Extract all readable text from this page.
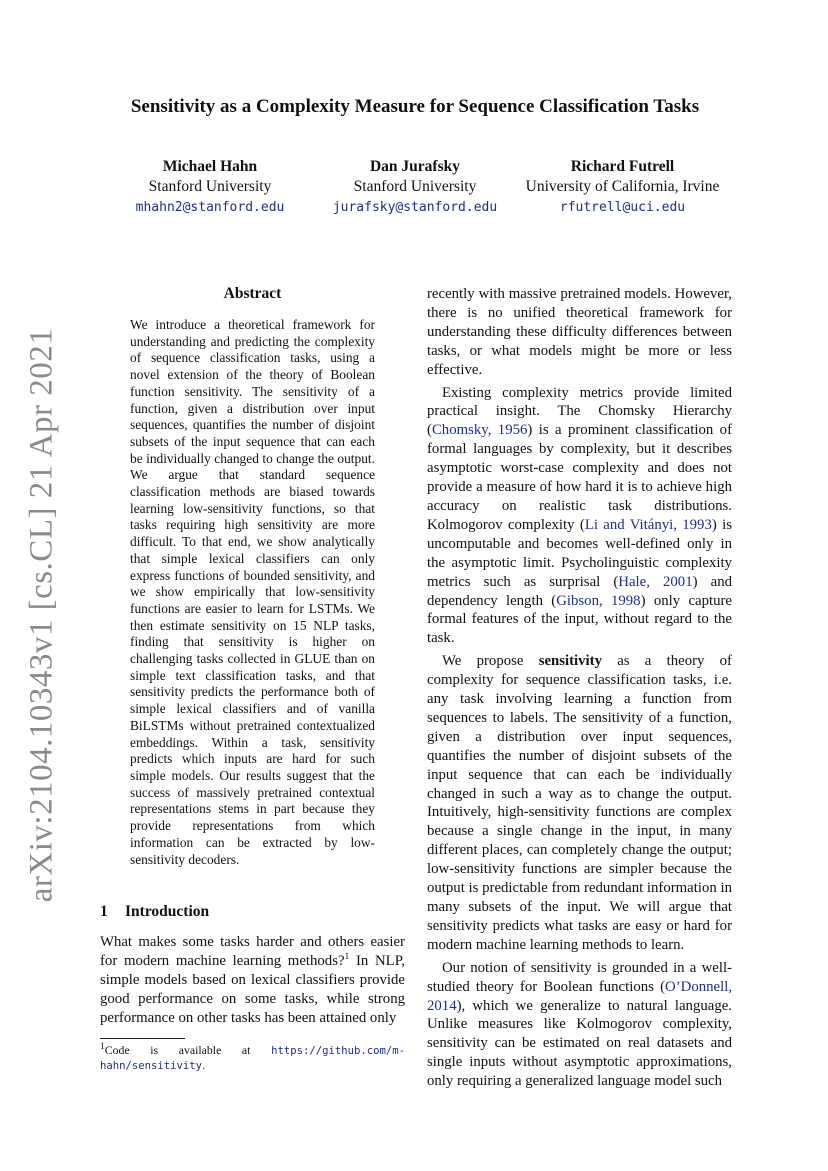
arXiv:2104.10343v1 [cs.CL] 21 Apr 2021
Sensitivity as a Complexity Measure for Sequence Classification Tasks
Michael Hahn
Stanford University
mhahn2@stanford.edu
Dan Jurafsky
Stanford University
jurafsky@stanford.edu
Richard Futrell
University of California, Irvine
rfutrell@uci.edu
Abstract

We introduce a theoretical framework for understanding and predicting the complexity of sequence classification tasks, using a novel extension of the theory of Boolean function sensitivity. The sensitivity of a function, given a distribution over input sequences, quantifies the number of disjoint subsets of the input sequence that can each be individually changed to change the output. We argue that standard sequence classification methods are biased towards learning low-sensitivity functions, so that tasks requiring high sensitivity are more difficult. To that end, we show analytically that simple lexical classifiers can only express functions of bounded sensitivity, and we show empirically that low-sensitivity functions are easier to learn for LSTMs. We then estimate sensitivity on 15 NLP tasks, finding that sensitivity is higher on challenging tasks collected in GLUE than on simple text classification tasks, and that sensitivity predicts the performance both of simple lexical classifiers and of vanilla BiLSTMs without pretrained contextualized embeddings. Within a task, sensitivity predicts which inputs are hard for such simple models. Our results suggest that the success of massively pretrained contextual representations stems in part because they provide representations from which information can be extracted by low-sensitivity decoders.

1 Introduction

What makes some tasks harder and others easier for modern machine learning methods?$^1$ In NLP, simple models based on lexical classifiers provide good performance on some tasks, while strong performance on other tasks has been attained only

$^1$Code is available at https://github.com/m-hahn/sensitivity.

recently with massive pretrained models. However, there is no unified theoretical framework for understanding these difficulty differences between tasks, or what models might be more or less effective.

Existing complexity metrics provide limited practical insight. The Chomsky Hierarchy (Chomsky, 1956) is a prominent classification of formal languages by complexity, but it describes asymptotic worst-case complexity and does not provide a measure of how hard it is to achieve high accuracy on realistic task distributions. Kolmogorov complexity (Li and Vitányi, 1993) is uncomputable and becomes well-defined only in the asymptotic limit. Psycholinguistic complexity metrics such as surprisal (Hale, 2001) and dependency length (Gibson, 1998) only capture formal features of the input, without regard to the task.

We propose sensitivity as a theory of complexity for sequence classification tasks, i.e. any task involving learning a function from sequences to labels. The sensitivity of a function, given a distribution over input sequences, quantifies the number of disjoint subsets of the input sequence that can each be individually changed in such a way as to change the output. Intuitively, high-sensitivity functions are complex because a single change in the input, in many different places, can completely change the output; low-sensitivity functions are simpler because the output is predictable from redundant information in many subsets of the input. We will argue that sensitivity predicts what tasks are easy or hard for modern machine learning methods to learn.

Our notion of sensitivity is grounded in a well-studied theory for Boolean functions (O’Donnell, 2014), which we generalize to natural language. Unlike measures like Kolmogorov complexity, sensitivity can be estimated on real datasets and single inputs without asymptotic approximations, only requiring a generalized language model such
